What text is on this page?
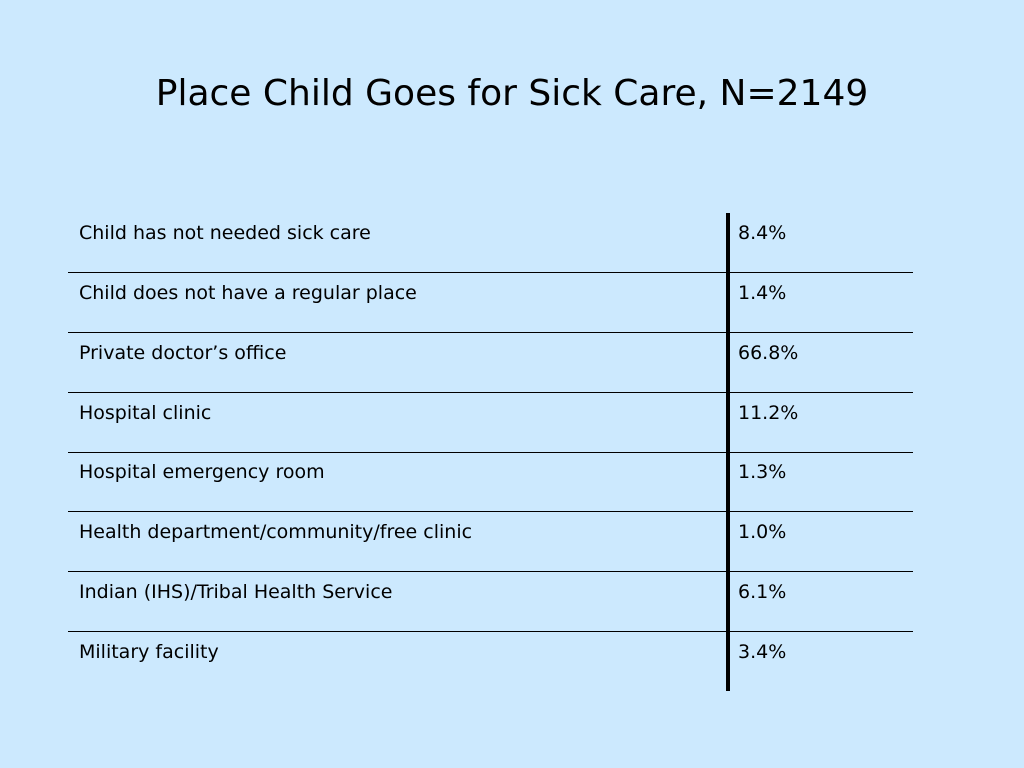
Place Child Goes for Sick Care, N=2149
Child has not needed sick care	8.4%
Child does not have a regular place	1.4%
Private doctor’s office	66.8%
Hospital clinic	11.2%
Hospital emergency room	1.3%
Health department/community/free clinic	1.0%
Indian (IHS)/Tribal Health Service	6.1%
Military facility	3.4%
